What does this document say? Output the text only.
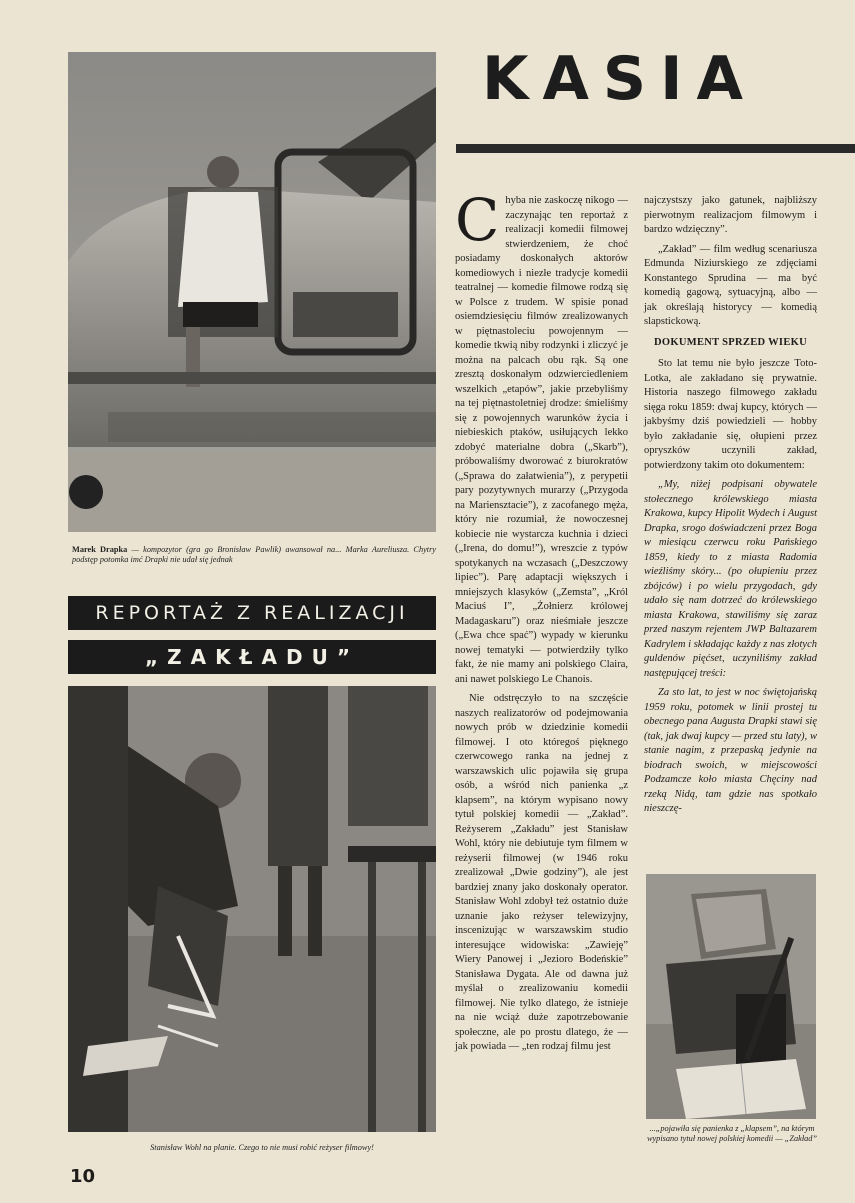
Marek Drapka — kompozytor (gra go Bronisław Pawlik) awansował na... Marka Aureliusza. Chytry podstęp potomka imć Drapki nie udał się jednak
REPORTAŻ Z REALIZACJI
„ZAKŁADU”
Stanisław Wohl na planie. Czego to nie musi robić reżyser filmowy!
KASIA

Chyba nie zaskoczę nikogo — zaczynając ten reportaż z realizacji komedii filmowej stwierdzeniem, że choć posiadamy doskonałych aktorów komediowych i niezłe tradycje komedii teatralnej — komedie filmowe rodzą się w Polsce z trudem. W spisie ponad osiemdziesięciu filmów zrealizowanych w piętnastoleciu powojennym — komedie tkwią niby rodzynki i zliczyć je można na palcach obu rąk. Są one zresztą doskonałym odzwierciedleniem wszelkich „etapów”, jakie przebyliśmy na tej piętnastoletniej drodze: śmieliśmy się z powojennych warunków życia i niebieskich ptaków, usiłujących lekko zdobyć materialne dobra („Skarb”), próbowaliśmy dworować z biurokratów („Sprawa do załatwienia”), z perypetii pary pozytywnych murarzy („Przygoda na Mariensztacie”), z zacofanego męża, który nie rozumiał, że nowoczesnej kobiecie nie wystarcza kuchnia i dzieci („Irena, do domu!”), wreszcie z typów spotykanych na wczasach („Deszczowy lipiec”). Parę adaptacji większych i mniejszych klasyków („Zemsta”, „Król Maciuś I”, „Żołnierz królowej Madagaskaru”) oraz nieśmiałe jeszcze („Ewa chce spać”) wypady w kierunku nowej tematyki — potwierdziły tylko fakt, że nie mamy ani polskiego Claira, ani nawet polskiego Le Chanois.

Nie odstręczyło to na szczęście naszych realizatorów od podejmowania nowych prób w dziedzinie komedii filmowej. I oto któregoś pięknego czerwcowego ranka na jednej z warszawskich ulic pojawiła się grupa osób, a wśród nich panienka „z klapsem”, na którym wypisano nowy tytuł polskiej komedii — „Zakład”. Reżyserem „Zakładu” jest Stanisław Wohl, który nie debiutuje tym filmem w reżyserii filmowej (w 1946 roku zrealizował „Dwie godziny”), ale jest bardziej znany jako doskonały operator. Stanisław Wohl zdobył też ostatnio duże uznanie jako reżyser telewizyjny, inscenizując w warszawskim studio interesujące widowiska: „Zawieję” Wiery Panowej i „Jezioro Bodeńskie” Stanisława Dygata. Ale od dawna już myślał o zrealizowaniu komedii filmowej. Nie tylko dlatego, że istnieje na nie wciąż duże zapotrzebowanie społeczne, ale po prostu dlatego, że — jak powiada — „ten rodzaj filmu jest

najczystszy jako gatunek, najbliższy pierwotnym realizacjom filmowym i bardzo wdzięczny”.

„Zakład” — film według scenariusza Edmunda Niziurskiego ze zdjęciami Konstantego Sprudina — ma być komedią gagową, sytuacyjną, albo — jak określają historycy — komedią slapstickową.

DOKUMENT SPRZED WIEKU

Sto lat temu nie było jeszcze Toto-Lotka, ale zakładano się prywatnie. Historia naszego filmowego zakładu sięga roku 1859: dwaj kupcy, których — jakbyśmy dziś powiedzieli — hobby było zakładanie się, ołupieni przez opryszków uczynili zakład, potwierdzony takim oto dokumentem:

„My, niżej podpisani obywatele stołecznego królewskiego miasta Krakowa, kupcy Hipolit Wydech i August Drapka, srogo doświadczeni przez Boga w miesiącu czerwcu roku Pańskiego 1859, kiedy to z miasta Radomia wieźliśmy skóry... (po ołupieniu przez zbójców) i po wielu przygodach, gdy udało się nam dotrzeć do królewskiego miasta Krakowa, stawiliśmy się zaraz przed naszym rejentem JWP Baltazarem Kadrylem i składając każdy z nas złotych guldenów pięćset, uczyniliśmy zakład następującej treści:

Za sto lat, to jest w noc świętojańską 1959 roku, potomek w linii prostej tu obecnego pana Augusta Drapki stawi się (tak, jak dwaj kupcy — przed stu laty), w stanie nagim, z przepaską jedynie na biodrach swoich, w miejscowości Podzamcze koło miasta Chęciny nad rzeką Nidą, tam gdzie nas spotkało nieszczę-

...„pojawiła się panienka z „klapsem”, na którym wypisano tytuł nowej polskiej komedii — „Zakład”
10
